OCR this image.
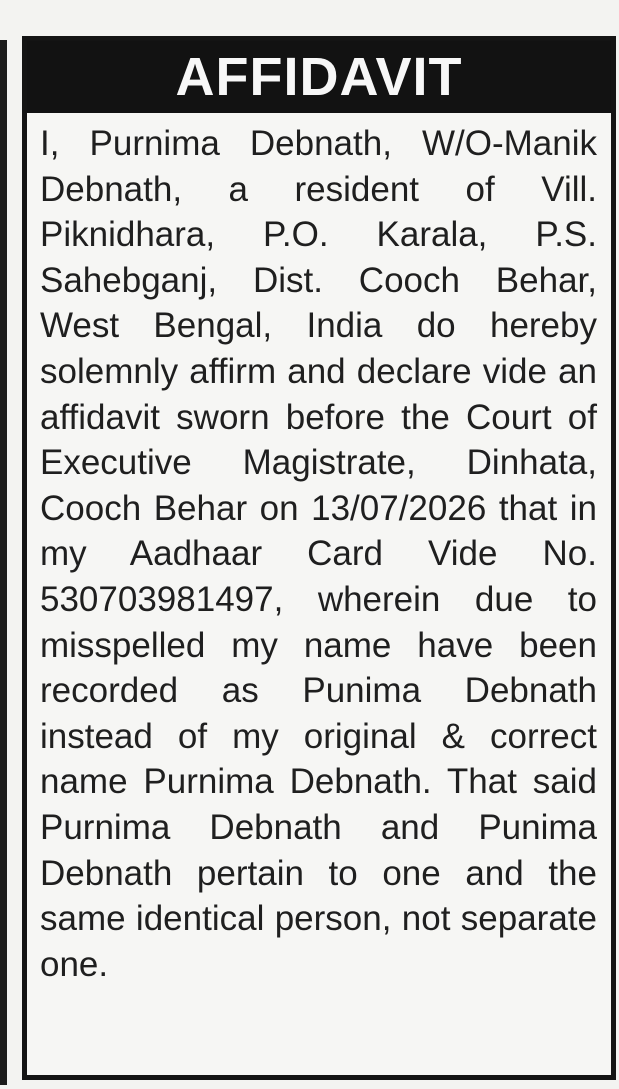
AFFIDAVIT
I, Purnima Debnath, W/O-Manik Debnath, a resident of Vill. Piknidhara, P.O. Karala, P.S. Sahebganj, Dist. Cooch Behar, West Bengal, India do hereby solemnly affirm and declare vide an affidavit sworn before the Court of Executive Magistrate, Dinhata, Cooch Behar on 13/07/2026 that in my Aadhaar Card Vide No. 530703981497, wherein due to misspelled my name have been recorded as Punima Debnath instead of my original & correct name Purnima Debnath. That said Purnima Debnath and Punima Debnath pertain to one and the same identical person, not separate one.
